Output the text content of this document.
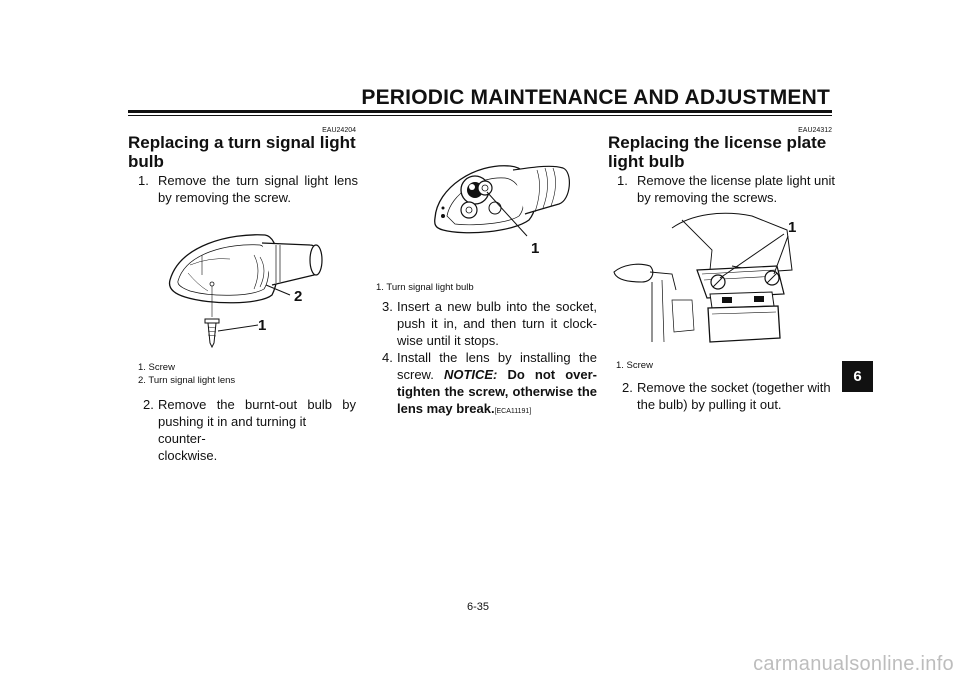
PERIODIC MAINTENANCE AND ADJUSTMENT
EAU24204
Replacing a turn signal light
bulb
1. Remove the turn signal light lens
by removing the screw.
2
1
1. Screw
2. Turn signal light lens
2. Remove the burnt-out bulb by
pushing it in and turning it counter-
clockwise.
1
1. Turn signal light bulb
3. Insert a new bulb into the socket,
push it in, and then turn it clock-
wise until it stops.
4. Install the lens by installing the
screw. NOTICE: Do not over-
tighten the screw, otherwise the
lens may break.[ECA11191]
EAU24312
Replacing the license plate
light bulb
1. Remove the license plate light unit
by removing the screws.
1
1. Screw
2. Remove the socket (together with
the bulb) by pulling it out.
6
6-35
carmanualsonline.info
